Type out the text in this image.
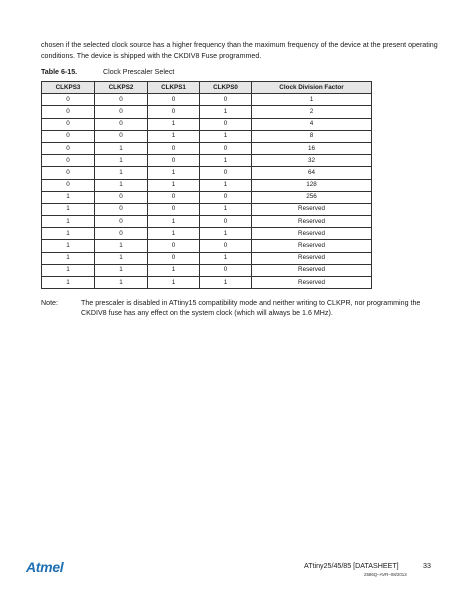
chosen if the selected clock source has a higher frequency than the maximum frequency of the device at the present operating conditions. The device is shipped with the CKDIV8 Fuse programmed.

Table 6-15.	Clock Prescaler Select
CLKPS3	CLKPS2	CLKPS1	CLKPS0	Clock Division Factor
0	0	0	0	1
0	0	0	1	2
0	0	1	0	4
0	0	1	1	8
0	1	0	0	16
0	1	0	1	32
0	1	1	0	64
0	1	1	1	128
1	0	0	0	256
1	0	0	1	Reserved
1	0	1	0	Reserved
1	0	1	1	Reserved
1	1	0	0	Reserved
1	1	0	1	Reserved
1	1	1	0	Reserved
1	1	1	1	Reserved
Note:	The prescaler is disabled in ATtiny15 compatibility mode and neither writing to CLKPR, nor programming the CKDIV8 fuse has any effect on the system clock (which will always be 1.6 MHz).
Atmel	ATtiny25/45/85 [DATASHEET]	33
2586Q–AVR–08/2013
